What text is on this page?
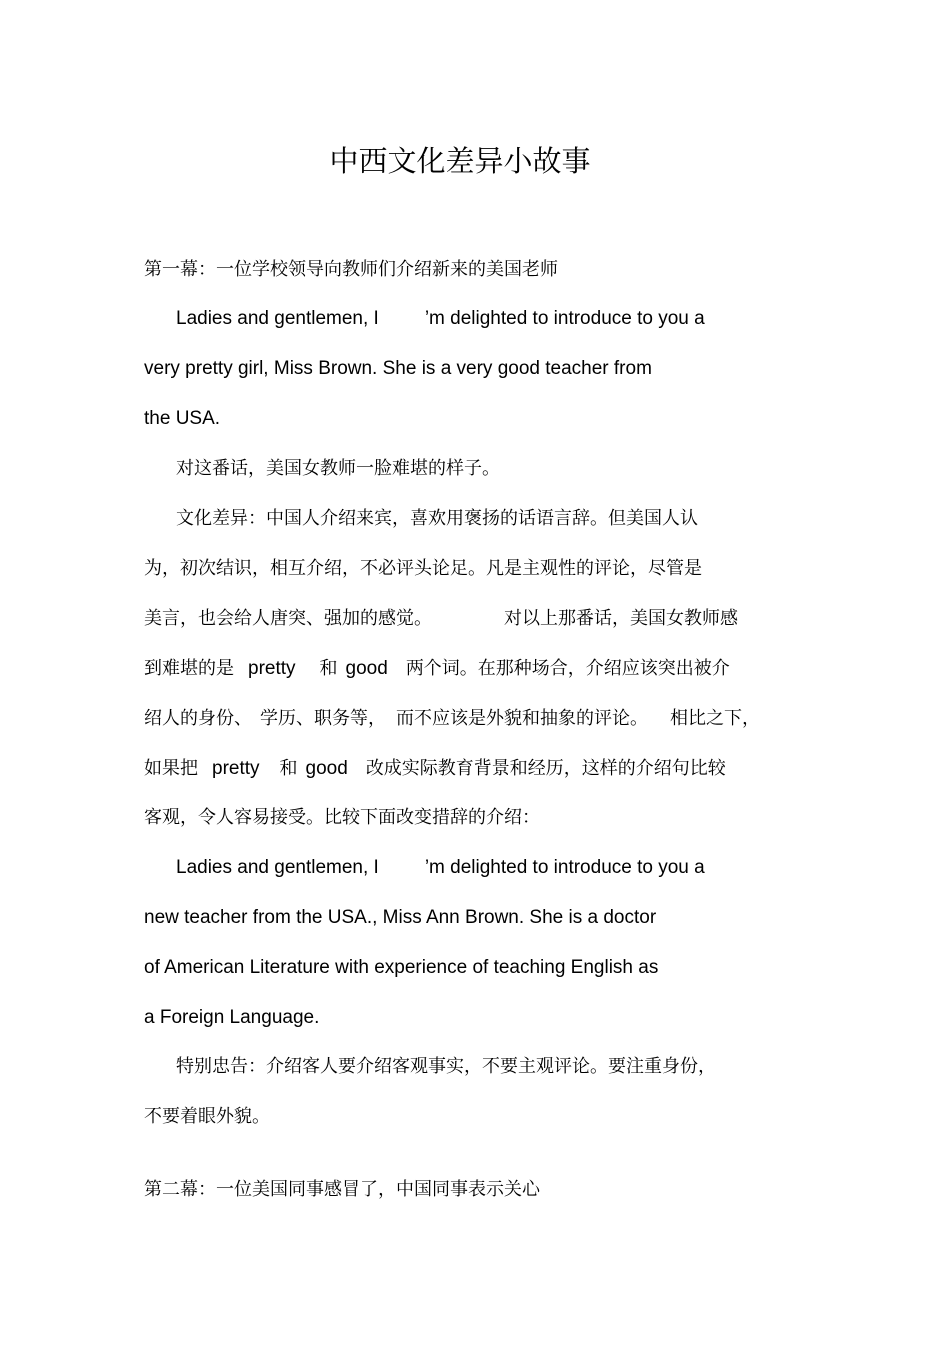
中西文化差异小故事
第一幕：一位学校领导向教师们介绍新来的美国老师
Ladies and gentlemen, I ’m delighted to introduce to you a
very pretty girl, Miss Brown. She is a very good teacher from
the USA.
对这番话，美国女教师一脸难堪的样子。
文化差异：中国人介绍来宾，喜欢用褒扬的话语言辞。但美国人认
为，初次结识，相互介绍，不必评头论足。凡是主观性的评论，尽管是
美言，也会给人唐突、强加的感觉。	对以上那番话，美国女教师感
到难堪的是 pretty 和 good 两个词。在那种场合，介绍应该突出被介
绍人的身份、 学历、职务等， 而不应该是外貌和抽象的评论。 相比之下，
如果把 pretty 和 good 改成实际教育背景和经历，这样的介绍句比较
客观，令人容易接受。比较下面改变措辞的介绍：
Ladies and gentlemen, I ’m delighted to introduce to you a
new teacher from the USA., Miss Ann Brown. She is a doctor
of American Literature with experience of teaching English as
a Foreign Language.
特别忠告：介绍客人要介绍客观事实，不要主观评论。要注重身份，
不要着眼外貌。
第二幕：一位美国同事感冒了，中国同事表示关心
